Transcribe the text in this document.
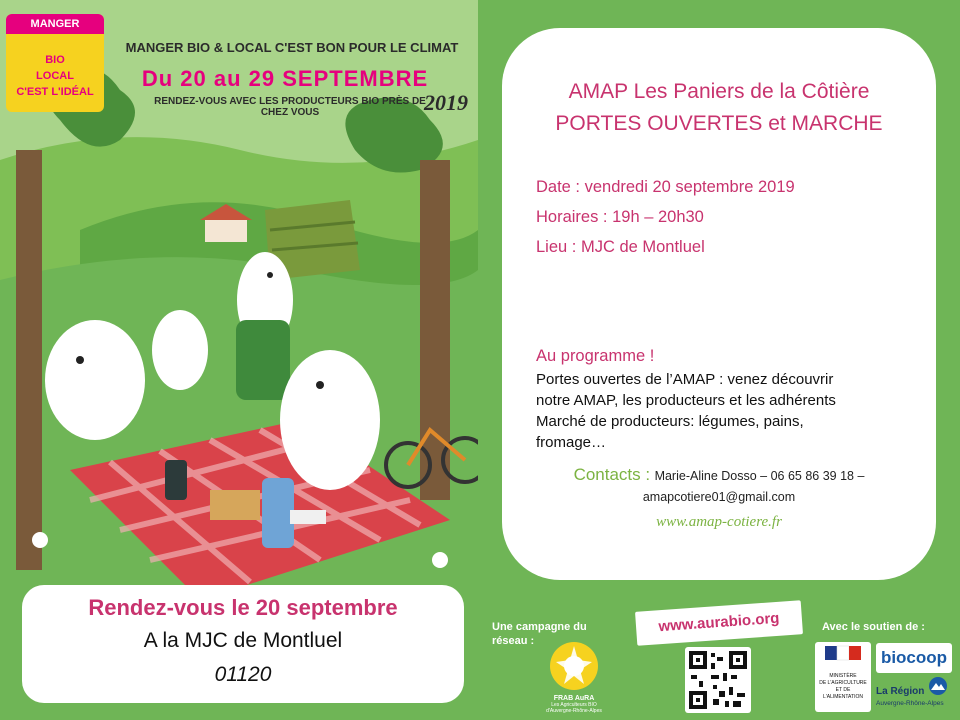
MANGER
BIO
LOCAL
C'EST L'IDÉAL
MANGER BIO & LOCAL C'EST BON POUR LE CLIMAT
Du 20 au 29 SEPTEMBRE
RENDEZ-VOUS AVEC LES PRODUCTEURS BIO PRÈS DE CHEZ VOUS	2019
Rendez-vous le 20 septembre
A la MJC de Montluel
01120
AMAP Les Paniers de la Côtière
PORTES OUVERTES et MARCHE
Date : vendredi 20 septembre 2019
Horaires : 19h – 20h30
Lieu : MJC de Montluel
Au programme !
Portes ouvertes de l’AMAP : venez découvrir
notre AMAP, les producteurs et les adhérents
Marché de producteurs: légumes, pains,
fromage…
Contacts : Marie-Aline Dosso – 06 65 86 39 18 –
amapcotiere01@gmail.com
www.amap-cotiere.fr
Une campagne du
réseau :
FRAB AuRA
Les Agriculteurs BIO
d'Auvergne-Rhône-Alpes
www.aurabio.org	Avec le soutien de :
MINISTÈRE
DE L'AGRICULTURE
ET DE
L'ALIMENTATION
biocoop
La Région
Auvergne-Rhône-Alpes
